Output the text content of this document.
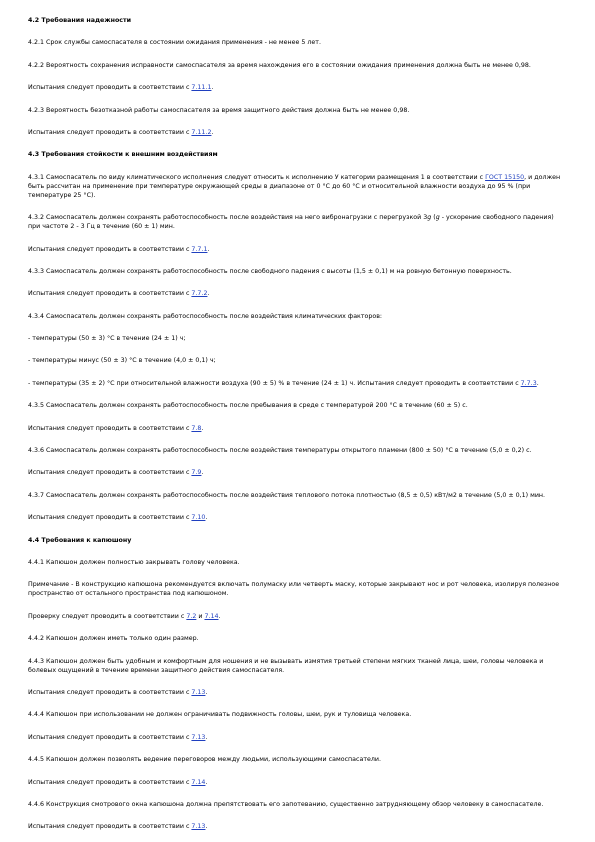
4.2 Требования надежности

4.2.1 Срок службы самоспасателя в состоянии ожидания применения - не менее 5 лет.

4.2.2 Вероятность сохранения исправности самоспасателя за время нахождения его в состоянии ожидания применения должна быть не менее 0,98.

Испытания следует проводить в соответствии с 7.11.1.

4.2.3 Вероятность безотказной работы самоспасателя за время защитного действия должна быть не менее 0,98.

Испытания следует проводить в соответствии с 7.11.2.

4.3 Требования стойкости к внешним воздействиям

4.3.1 Самоспасатель по виду климатического исполнения следует относить к исполнению У категории размещения 1 в соответствии с ГОСТ 15150, и должен быть рассчитан на применение при температуре окружающей среды в диапазоне от 0 °С до 60 °С и относительной влажности воздуха до 95 % (при температуре 25 °С).

4.3.2 Самоспасатель должен сохранять работоспособность после воздействия на него вибронагрузки с перегрузкой 3g (g - ускорение свободного падения) при частоте 2 - 3 Гц в течение (60 ± 1) мин.

Испытания следует проводить в соответствии с 7.7.1.

4.3.3 Самоспасатель должен сохранять работоспособность после свободного падения с высоты (1,5 ± 0,1) м на ровную бетонную поверхность.

Испытания следует проводить в соответствии с 7.7.2.

4.3.4 Самоспасатель должен сохранять работоспособность после воздействия климатических факторов:

- температуры (50 ± 3) °С в течение (24 ± 1) ч;

- температуры минус (50 ± 3) °С в течение (4,0 ± 0,1) ч;

- температуры (35 ± 2) °С при относительной влажности воздуха (90 ± 5) % в течение (24 ± 1) ч. Испытания следует проводить в соответствии с 7.7.3.

4.3.5 Самоспасатель должен сохранять работоспособность после пребывания в среде с температурой 200 °С в течение (60 ± 5) с.

Испытания следует проводить в соответствии с 7.8.

4.3.6 Самоспасатель должен сохранять работоспособность после воздействия температуры открытого пламени (800 ± 50) °С в течение (5,0 ± 0,2) с.

Испытания следует проводить в соответствии с 7.9.

4.3.7 Самоспасатель должен сохранять работоспособность после воздействия теплового потока плотностью (8,5 ± 0,5) кВт/м2 в течение (5,0 ± 0,1) мин.

Испытания следует проводить в соответствии с 7.10.

4.4 Требования к капюшону

4.4.1 Капюшон должен полностью закрывать голову человека.

Примечание - В конструкцию капюшона рекомендуется включать полумаску или четверть маску, которые закрывают нос и рот человека, изолируя полезное пространство от остального пространства под капюшоном.

Проверку следует проводить в соответствии с 7.2 и 7.14.

4.4.2 Капюшон должен иметь только один размер.

4.4.3 Капюшон должен быть удобным и комфортным для ношения и не вызывать измятия третьей степени мягких тканей лица, шеи, головы человека и болевых ощущений в течение времени защитного действия самоспасателя.

Испытания следует проводить в соответствии с 7.13.

4.4.4 Капюшон при использовании не должен ограничивать подвижность головы, шеи, рук и туловища человека.

Испытания следует проводить в соответствии с 7.13.

4.4.5 Капюшон должен позволять ведение переговоров между людьми, использующими самоспасатели.

Испытания следует проводить в соответствии с 7.14.

4.4.6 Конструкция смотрового окна капюшона должна препятствовать его запотеванию, существенно затрудняющему обзор человеку в самоспасателе.

Испытания следует проводить в соответствии с 7.13.
